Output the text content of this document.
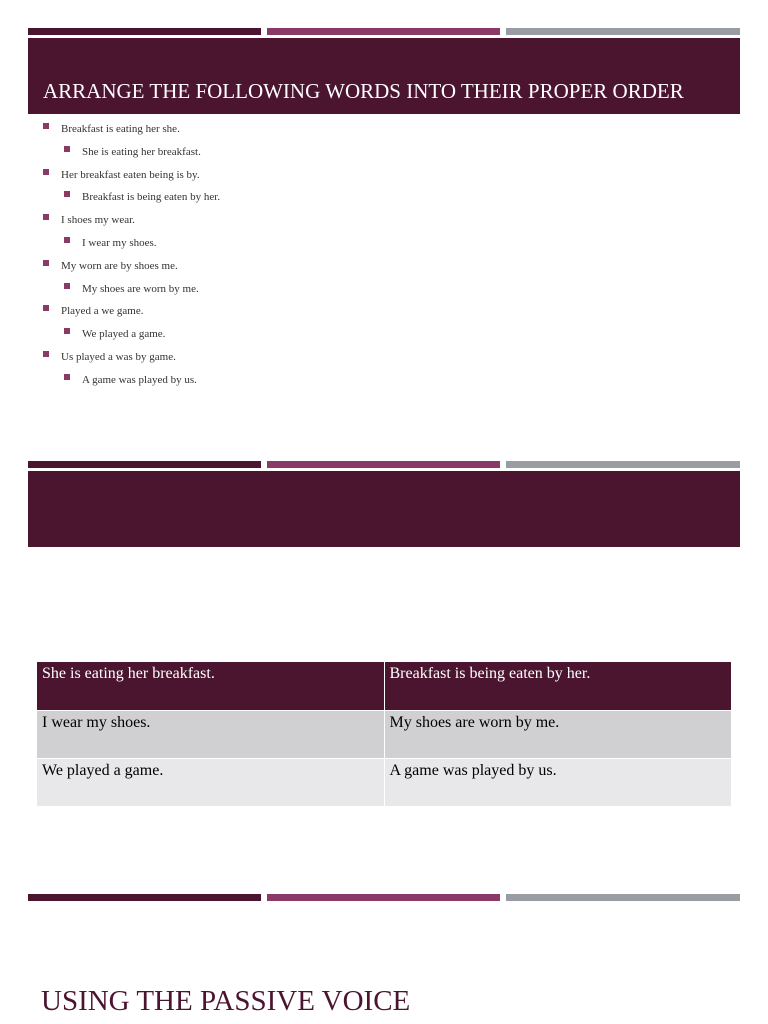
ARRANGE THE FOLLOWING WORDS INTO THEIR PROPER ORDER
Breakfast is eating her she.
She is eating her breakfast.
Her breakfast eaten being is by.
Breakfast is being eaten by her.
I shoes my wear.
I wear my shoes.
My worn are by shoes me.
My shoes are worn by me.
Played a we game.
We played a game.
Us played a was by game.
A game was played by us.
She is eating her breakfast.	Breakfast is being eaten by her.
I wear my shoes.	My shoes are worn by me.
We played a game.	A game was played by us.
USING THE PASSIVE VOICE
